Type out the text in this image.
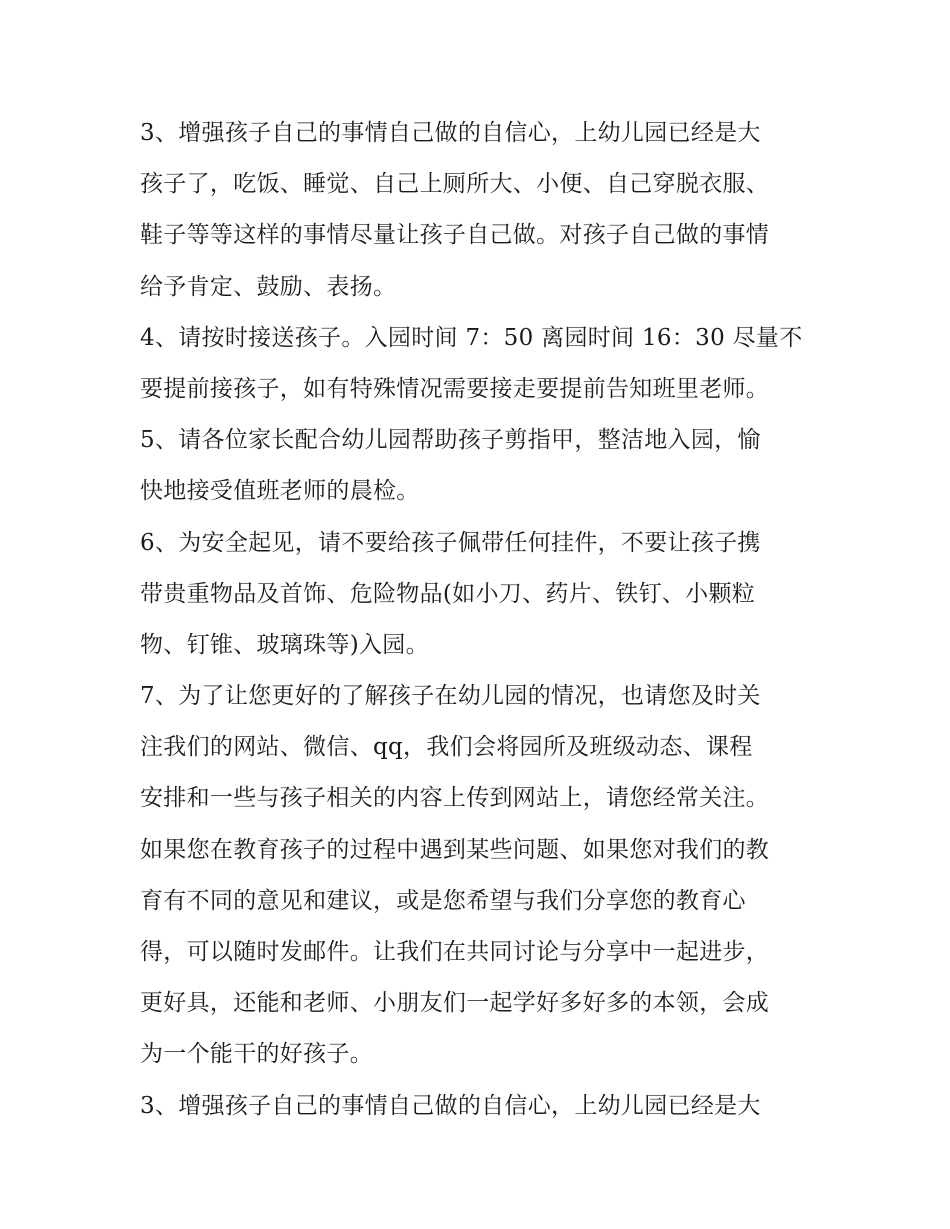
3、增强孩子自己的事情自己做的自信心，上幼儿园已经是大
孩子了，吃饭、睡觉、自己上厕所大、小便、自己穿脱衣服、
鞋子等等这样的事情尽量让孩子自己做。对孩子自己做的事情
给予肯定、鼓励、表扬。
4、请按时接送孩子。入园时间 7：50 离园时间 16：30 尽量不
要提前接孩子，如有特殊情况需要接走要提前告知班里老师。
5、请各位家长配合幼儿园帮助孩子剪指甲，整洁地入园，愉
快地接受值班老师的晨检。
6、为安全起见，请不要给孩子佩带任何挂件，不要让孩子携
带贵重物品及首饰、危险物品(如小刀、药片、铁钉、小颗粒
物、钉锥、玻璃珠等)入园。
7、为了让您更好的了解孩子在幼儿园的情况，也请您及时关
注我们的网站、微信、qq，我们会将园所及班级动态、课程
安排和一些与孩子相关的内容上传到网站上，请您经常关注。
如果您在教育孩子的过程中遇到某些问题、如果您对我们的教
育有不同的意见和建议，或是您希望与我们分享您的教育心
得，可以随时发邮件。让我们在共同讨论与分享中一起进步，
更好具，还能和老师、小朋友们一起学好多好多的本领，会成
为一个能干的好孩子。
3、增强孩子自己的事情自己做的自信心，上幼儿园已经是大
